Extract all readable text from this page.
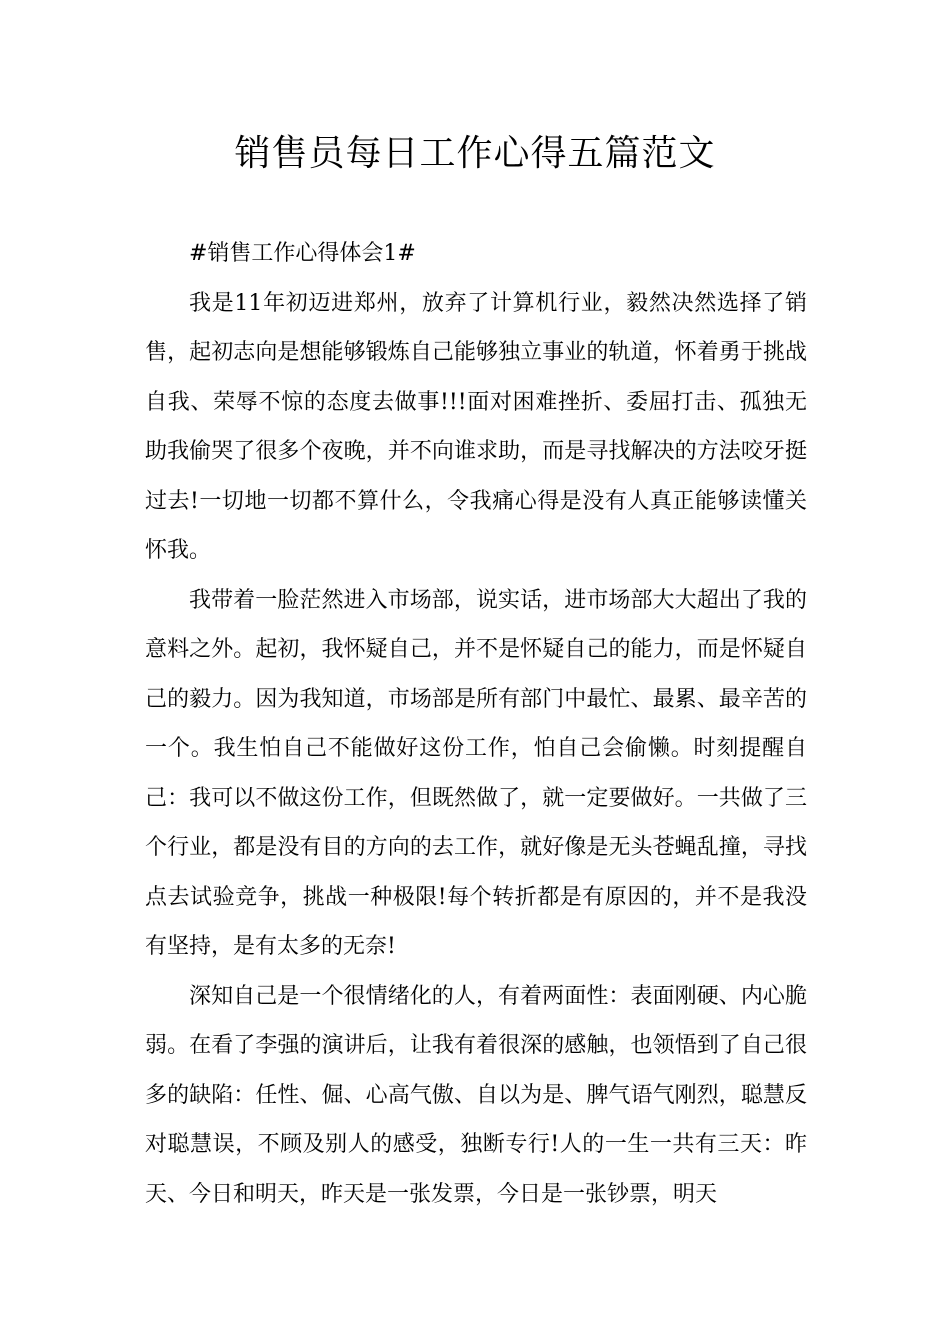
销售员每日工作心得五篇范文

#销售工作心得体会1#

我是11年初迈进郑州，放弃了计算机行业，毅然决然选择了销售，起初志向是想能够锻炼自己能够独立事业的轨道，怀着勇于挑战自我、荣辱不惊的态度去做事!!!面对困难挫折、委屈打击、孤独无助我偷哭了很多个夜晚，并不向谁求助，而是寻找解决的方法咬牙挺过去!一切地一切都不算什么，令我痛心得是没有人真正能够读懂关怀我。

我带着一脸茫然进入市场部，说实话，进市场部大大超出了我的意料之外。起初，我怀疑自己，并不是怀疑自己的能力，而是怀疑自己的毅力。因为我知道，市场部是所有部门中最忙、最累、最辛苦的一个。我生怕自己不能做好这份工作，怕自己会偷懒。时刻提醒自己：我可以不做这份工作，但既然做了，就一定要做好。一共做了三个行业，都是没有目的方向的去工作，就好像是无头苍蝇乱撞，寻找点去试验竞争，挑战一种极限!每个转折都是有原因的，并不是我没有坚持，是有太多的无奈!

深知自己是一个很情绪化的人，有着两面性：表面刚硬、内心脆弱。在看了李强的演讲后，让我有着很深的感触，也领悟到了自己很多的缺陷：任性、倔、心高气傲、自以为是、脾气语气刚烈，聪慧反对聪慧误，不顾及别人的感受，独断专行!人的一生一共有三天：昨天、今日和明天，昨天是一张发票，今日是一张钞票，明天
